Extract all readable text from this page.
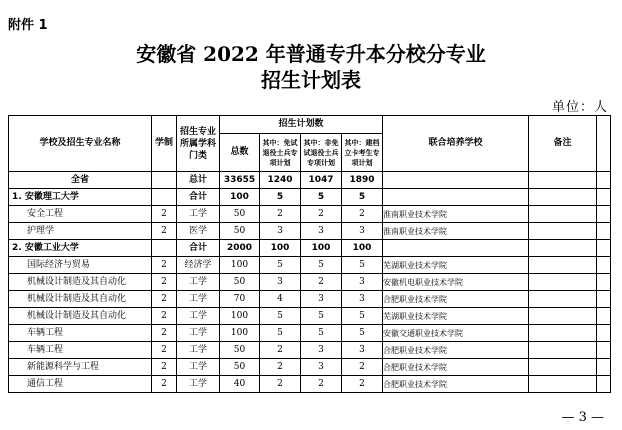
附件 1
安徽省 2022 年普通专升本分校分专业
招生计划表
单位：人
学校及招生专业名称	学制	招生专业所属学科门类	招生计划数				联合培养学校	备注	
			总数	其中：免试退役士兵专项计划	其中：非免试退役士兵专项计划	其中：建档立卡考生专项计划			
全省		总计	33655	1240	1047	1890			
1. 安徽理工大学		合计	100	5	5	5			
安全工程	2	工学	50	2	2	2	淮南职业技术学院		
护理学	2	医学	50	3	3	3	淮南职业技术学院		
2. 安徽工业大学		合计	2000	100	100	100			
国际经济与贸易	2	经济学	100	5	5	5	芜湖职业技术学院		
机械设计制造及其自动化	2	工学	50	3	2	3	安徽机电职业技术学院		
机械设计制造及其自动化	2	工学	70	4	3	3	合肥职业技术学院		
机械设计制造及其自动化	2	工学	100	5	5	5	芜湖职业技术学院		
车辆工程	2	工学	100	5	5	5	安徽交通职业技术学院		
车辆工程	2	工学	50	2	3	3	合肥职业技术学院		
新能源科学与工程	2	工学	50	2	3	2	合肥职业技术学院		
通信工程	2	工学	40	2	2	2	合肥职业技术学院		
— 3 —
